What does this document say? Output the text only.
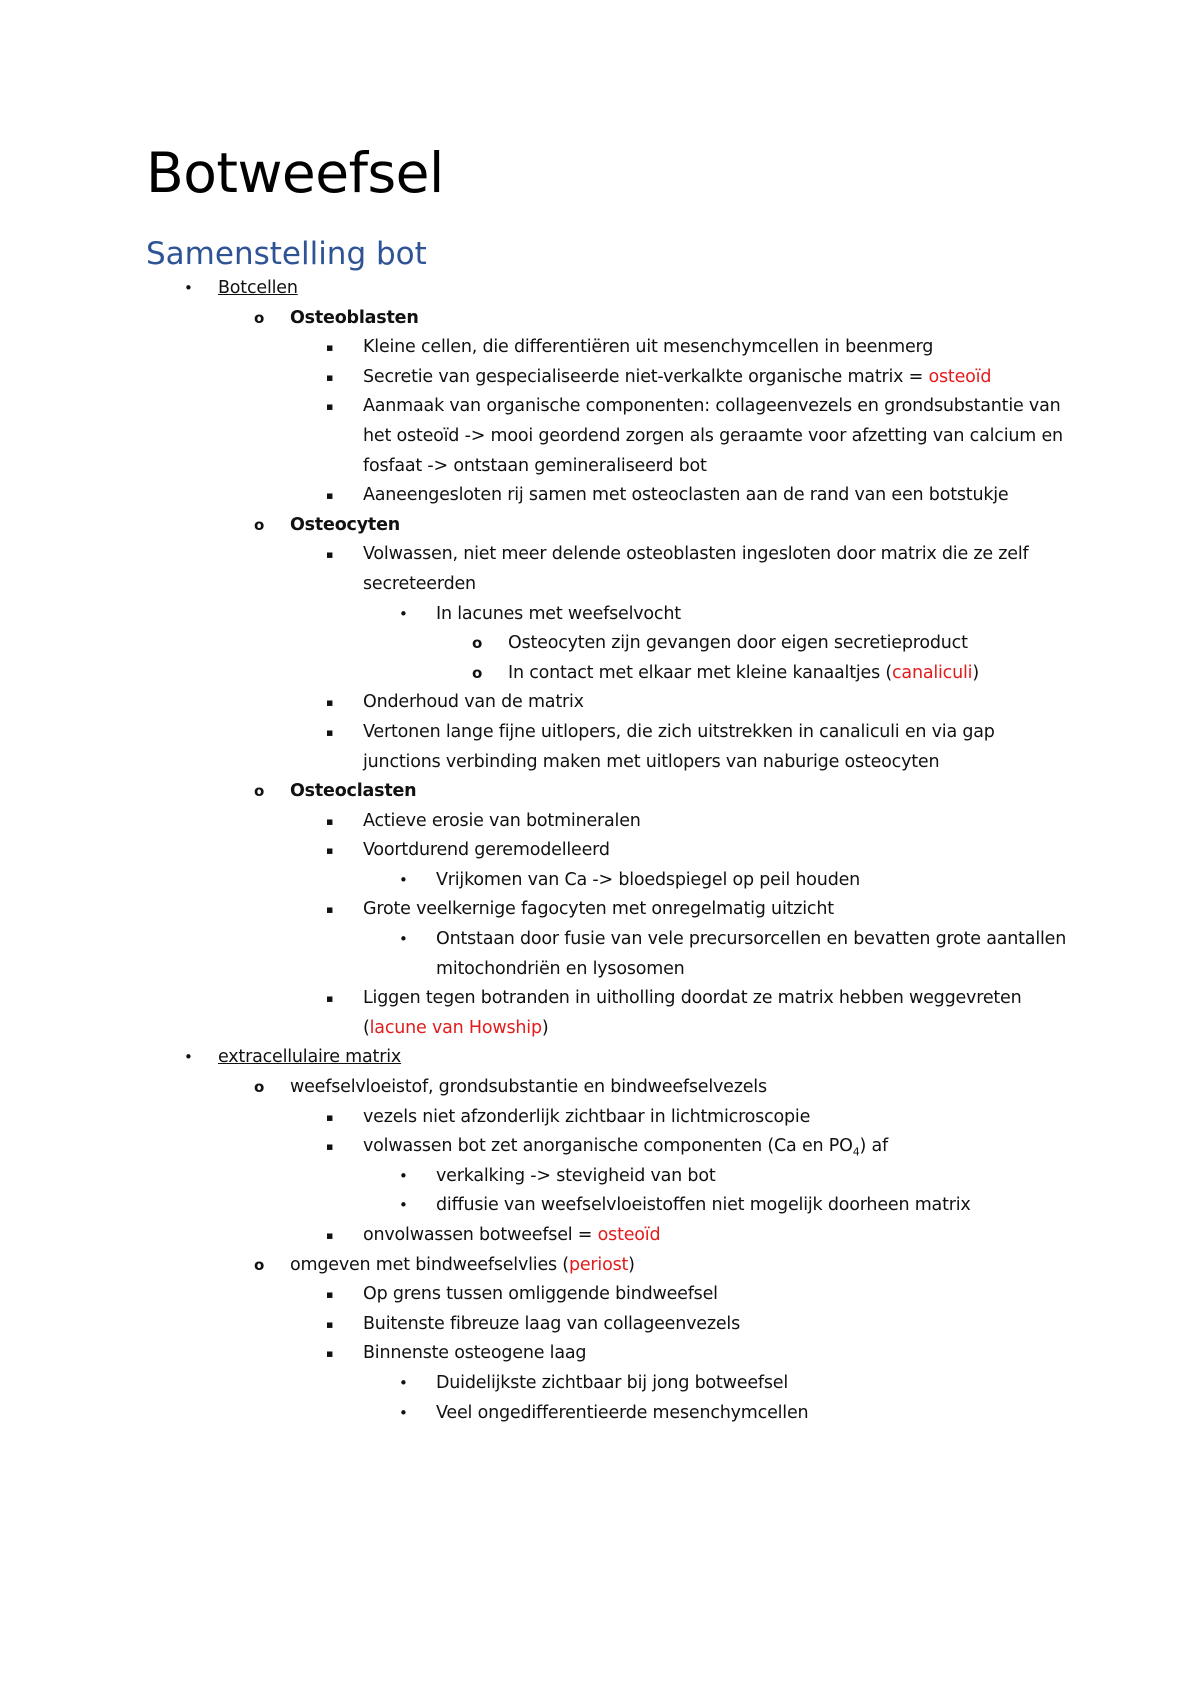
Botweefsel
Samenstelling bot
• Botcellen
o Osteoblasten
▪ Kleine cellen, die differentiëren uit mesenchymcellen in beenmerg
▪ Secretie van gespecialiseerde niet-verkalkte organische matrix = osteoïd
▪ Aanmaak van organische componenten: collageenvezels en grondsubstantie van het osteoïd -> mooi geordend zorgen als geraamte voor afzetting van calcium en fosfaat -> ontstaan gemineraliseerd bot
▪ Aaneengesloten rij samen met osteoclasten aan de rand van een botstukje
o Osteocyten
▪ Volwassen, niet meer delende osteoblasten ingesloten door matrix die ze zelf secreteerden
• In lacunes met weefselvocht
o Osteocyten zijn gevangen door eigen secretieproduct
o In contact met elkaar met kleine kanaaltjes (canaliculi)
▪ Onderhoud van de matrix
▪ Vertonen lange fijne uitlopers, die zich uitstrekken in canaliculi en via gap junctions verbinding maken met uitlopers van naburige osteocyten
o Osteoclasten
▪ Actieve erosie van botmineralen
▪ Voortdurend geremodelleerd
• Vrijkomen van Ca -> bloedspiegel op peil houden
▪ Grote veelkernige fagocyten met onregelmatig uitzicht
• Ontstaan door fusie van vele precursorcellen en bevatten grote aantallen mitochondriën en lysosomen
▪ Liggen tegen botranden in uitholling doordat ze matrix hebben weggevreten (lacune van Howship)
• extracellulaire matrix
o weefselvloeistof, grondsubstantie en bindweefselvezels
▪ vezels niet afzonderlijk zichtbaar in lichtmicroscopie
▪ volwassen bot zet anorganische componenten (Ca en $PO_4$) af
• verkalking -> stevigheid van bot
• diffusie van weefselvloeistoffen niet mogelijk doorheen matrix
▪ onvolwassen botweefsel = osteoïd
o omgeven met bindweefselvlies (periost)
▪ Op grens tussen omliggende bindweefsel
▪ Buitenste fibreuze laag van collageenvezels
▪ Binnenste osteogene laag
• Duidelijkste zichtbaar bij jong botweefsel
• Veel ongedifferentieerde mesenchymcellen
